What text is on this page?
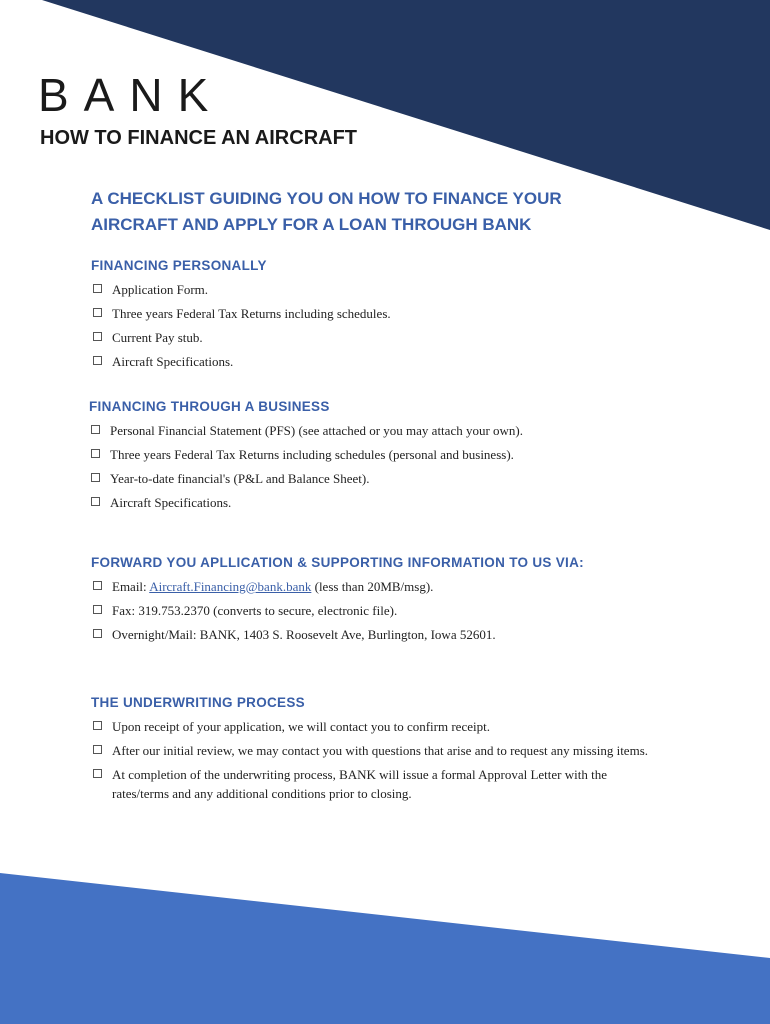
BANK
HOW TO FINANCE AN AIRCRAFT

A CHECKLIST GUIDING YOU ON HOW TO FINANCE YOUR AIRCRAFT AND APPLY FOR A LOAN THROUGH BANK

FINANCING PERSONALLY
Application Form.
Three years Federal Tax Returns including schedules.
Current Pay stub.
Aircraft Specifications.
FINANCING THROUGH A BUSINESS
Personal Financial Statement (PFS) (see attached or you may attach your own).
Three years Federal Tax Returns including schedules (personal and business).
Year-to-date financial's (P&L and Balance Sheet).
Aircraft Specifications.
FORWARD YOU APLLICATION & SUPPORTING INFORMATION TO US VIA:
Email: Aircraft.Financing@bank.bank (less than 20MB/msg).
Fax: 319.753.2370 (converts to secure, electronic file).
Overnight/Mail: BANK, 1403 S. Roosevelt Ave, Burlington, Iowa 52601.
THE UNDERWRITING PROCESS
Upon receipt of your application, we will contact you to confirm receipt.
After our initial review, we may contact you with questions that arise and to request any missing items.
At completion of the underwriting process, BANK will issue a formal Approval Letter with the rates/terms and any additional conditions prior to closing.
